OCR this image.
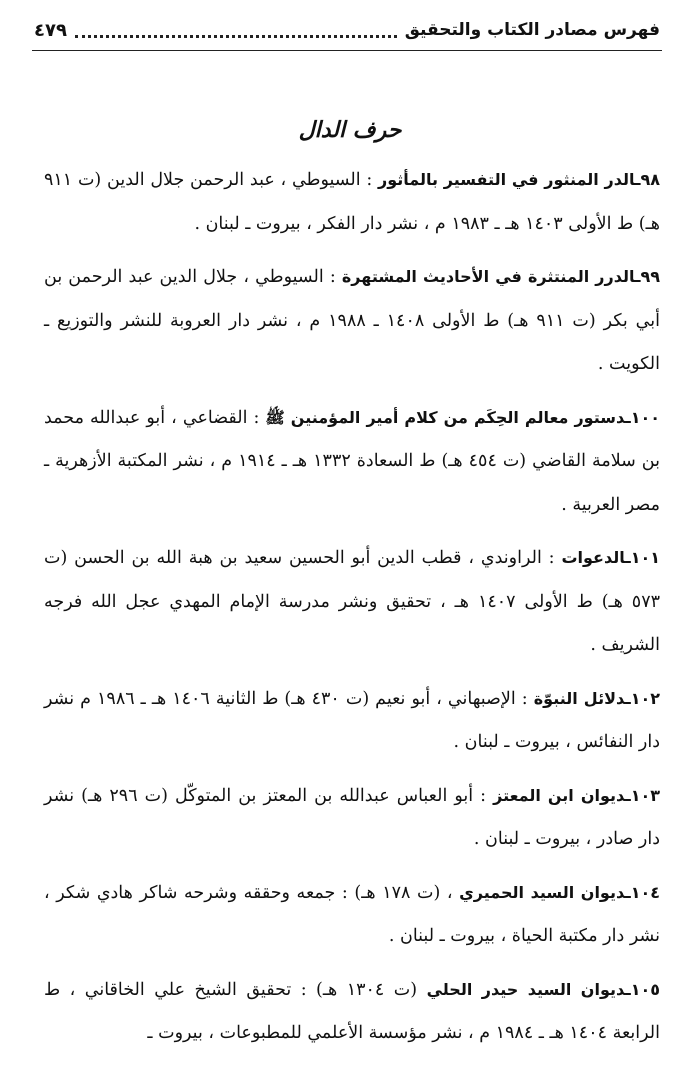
فهرس مصادر الكتاب والتحقيق
٤٧٩
حرف الدال

٩٨ـالدر المنثور في التفسير بالمأثور : السيوطي ، عبد الرحمن جلال الدين (ت ٩١١ هـ) ط الأولى ١٤٠٣ هـ ـ ١٩٨٣ م ، نشر دار الفكر ، بيروت ـ لبنان .

٩٩ـالدرر المنتثرة في الأحاديث المشتهرة : السيوطي ، جلال الدين عبد الرحمن بن أبي بكر (ت ٩١١ هـ) ط الأولى ١٤٠٨ ـ ١٩٨٨ م ، نشر دار العروبة للنشر والتوزيع ـ الكويت .

١٠٠ـدستور معالم الحِكَم من كلام أمير المؤمنين ﷺ : القضاعي ، أبو عبدالله محمد بن سلامة القاضي (ت ٤٥٤ هـ) ط السعادة ١٣٣٢ هـ ـ ١٩١٤ م ، نشر المكتبة الأزهرية ـ مصر العربية .

١٠١ـالدعوات : الراوندي ، قطب الدين أبو الحسين سعيد بن هبة الله بن الحسن (ت ٥٧٣ هـ) ط الأولى ١٤٠٧ هـ ، تحقيق ونشر مدرسة الإمام المهدي عجل الله فرجه الشريف .

١٠٢ـدلائل النبوّة : الإصبهاني ، أبو نعيم (ت ٤٣٠ هـ) ط الثانية ١٤٠٦ هـ ـ ١٩٨٦ م نشر دار النفائس ، بيروت ـ لبنان .

١٠٣ـديوان ابن المعتز : أبو العباس عبدالله بن المعتز بن المتوكّل (ت ٢٩٦ هـ) نشر دار صادر ، بيروت ـ لبنان .

١٠٤ـديوان السيد الحميري ، (ت ١٧٨ هـ) : جمعه وحققه وشرحه شاكر هادي شكر ، نشر دار مكتبة الحياة ، بيروت ـ لبنان .

١٠٥ـديوان السيد حيدر الحلي (ت ١٣٠٤ هـ) : تحقيق الشيخ علي الخاقاني ، ط الرابعة ١٤٠٤ هـ ـ ١٩٨٤ م ، نشر مؤسسة الأعلمي للمطبوعات ، بيروت ـ
